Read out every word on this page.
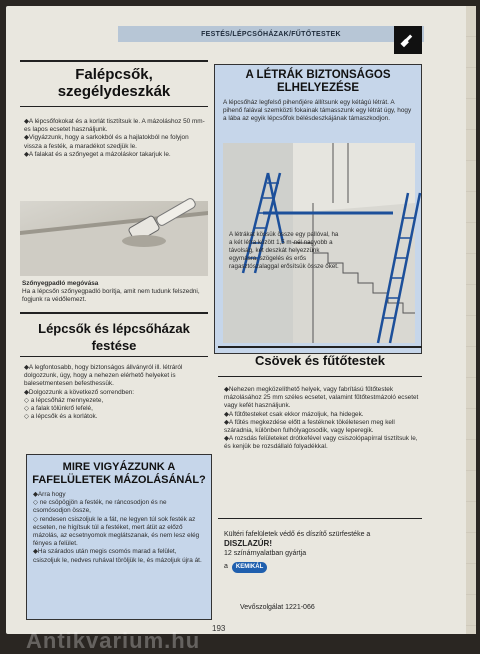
FESTÉS/LÉPCSŐHÁZAK/FŰTŐTESTEK
Falépcsők, szegélydeszkák

◆ A lépcsőfokokat és a korlát tisztítsuk le. A mázoláshoz 50 mm-es lapos ecsetet használjunk.

◆ Vigyázzunk, hogy a sarkokból és a hajlatokból ne folyjon vissza a festék, a maradékot szedjük le.

◆ A falakat és a szőnyeget a mázoláskor takarjuk le.

Szőnyegpadló megóvása

Ha a lépcsőn szőnyegpadló borítja, amit nem tudunk felszedni, fogjunk ra védőlemezt.

A LÉTRÁK BIZTONSÁGOS ELHELYEZÉSE

A lépcsőház legfelső pihenőjére állítsunk egy kétágú létrát. A pihenő falával szemközti fokainak támasszunk egy létrát úgy, hogy a lába az egyik lépcsőfok bélésdeszkájának támaszkodjon.

A létrákat kössük össze egy pallóval, ha a két létra között 1,5 m-nél nagyobb a távolság, két deszkát helyezzünk egymásra, szögelés és erős ragasztószalaggal erősítsük össze őket.

Lépcsők és lépcsőházak festése

◆ A legfontosabb, hogy biztonságos állványról ill. létráról dolgozzunk, úgy, hogy a nehezen elérhető helyeket is balesetmentesen befesthessük.

◆ Dolgozzunk a következő sorrendben:

◇ a lépcsőház mennyezete,

◇ a falak tölünkrő lefelé,

◇ a lépcsők és a korlátok.

MIRE VIGYÁZZUNK A FAFELÜLETEK MÁZOLÁSÁNÁL?

◆ Arra hogy

◇ ne csöpögjön a festék, ne ráncosodjon és ne csomósodjon össze,

◇ rendesen csiszoljuk le a fát, ne legyen túl sok festék az ecseten, ne hígítsuk túl a festéket, mert átüt az előző mázolás, az ecsetnyomok meglátszanak, és nem lesz elég fényes a felület.

◆ Ha szárados után megis csomós marad a felület, csiszoljuk le, nedves ruhával töröljük le, és mázoljuk újra át.

Csövek és fűtőtestek

◆ Nehezen megközelíthető helyek, vagy fabrítású fűtőtestek mázolásához 25 mm széles ecsetet, valamint fűtőtestmázoló ecsetet vagy kefét használjunk.

◆ A fűtőtesteket csak ekkor mázoljuk, ha hidegek.

◆ A fűtés megkezdése előtt a festéknek tökéletesen meg kell száradnia, különben fulhólyagosodik, vagy leperegik.

◆ A rozsdás felületeket drótkefével vagy csiszolópapírral tisztítsuk le, és kenjük be rozsdállaló folyadékkal.

Kültéri fafelületek védő és díszítő szürfestéke a

DISZLAZÚR!

12 színárnyalatban gyártja

a KEMIKÁL

Vevőszolgálat 1221-066
193
Antikvarium.hu
